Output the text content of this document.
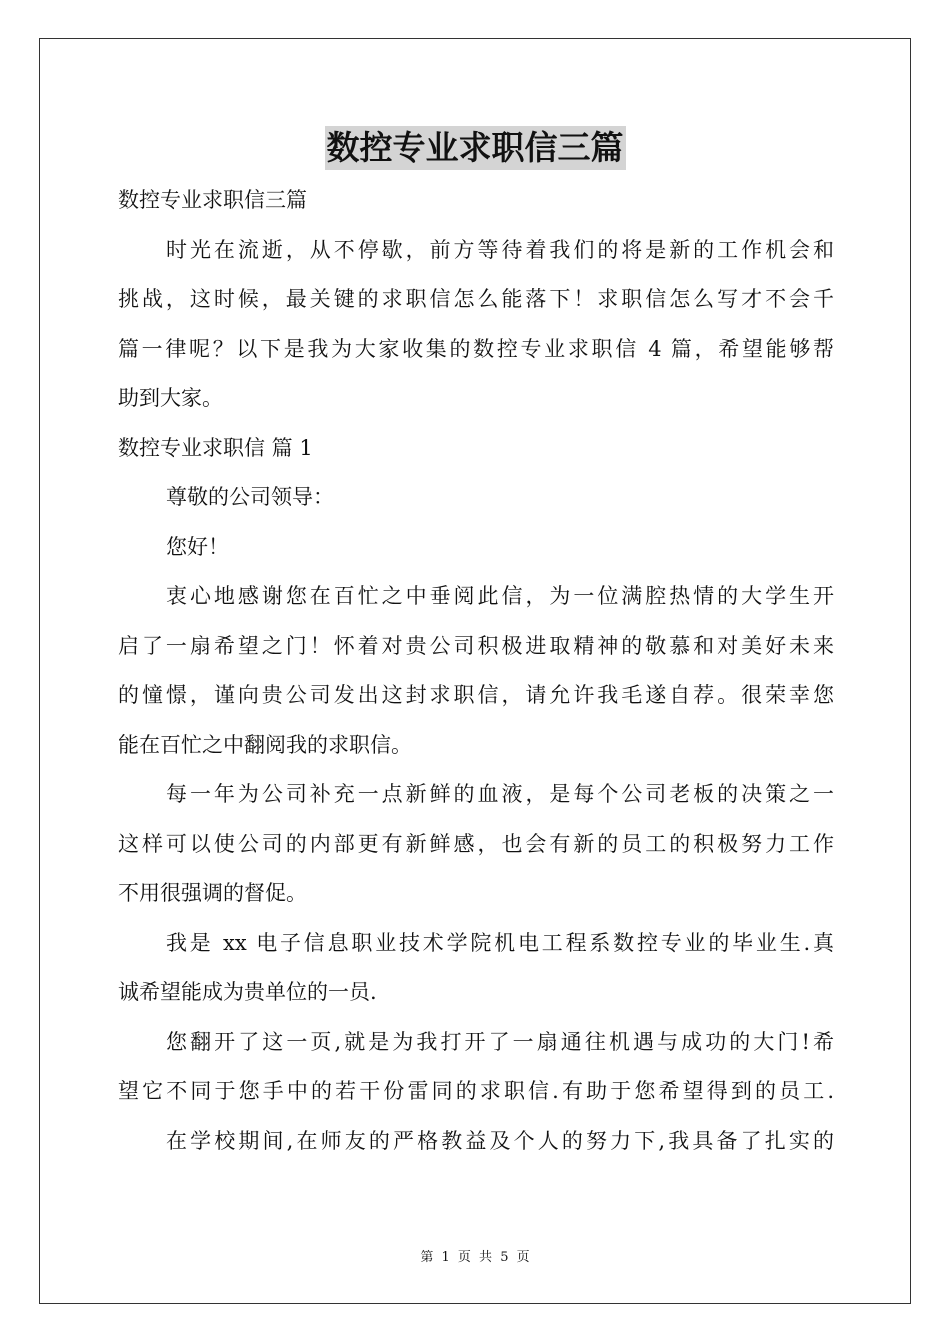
数控专业求职信三篇
数控专业求职信三篇
时光在流逝，从不停歇，前方等待着我们的将是新的工作机会和
挑战，这时候，最关键的求职信怎么能落下！求职信怎么写才不会千
篇一律呢？以下是我为大家收集的数控专业求职信 4 篇，希望能够帮
助到大家。
数控专业求职信 篇 1
尊敬的公司领导：
您好！
衷心地感谢您在百忙之中垂阅此信，为一位满腔热情的大学生开
启了一扇希望之门！怀着对贵公司积极进取精神的敬慕和对美好未来
的憧憬，谨向贵公司发出这封求职信，请允许我毛遂自荐。很荣幸您
能在百忙之中翻阅我的求职信。
每一年为公司补充一点新鲜的血液，是每个公司老板的决策之一
这样可以使公司的内部更有新鲜感，也会有新的员工的积极努力工作
不用很强调的督促。
我是 xx 电子信息职业技术学院机电工程系数控专业的毕业生.真
诚希望能成为贵单位的一员.
您翻开了这一页,就是为我打开了一扇通往机遇与成功的大门!希
望它不同于您手中的若干份雷同的求职信.有助于您希望得到的员工.
在学校期间,在师友的严格教益及个人的努力下,我具备了扎实的
第 1 页 共 5 页
